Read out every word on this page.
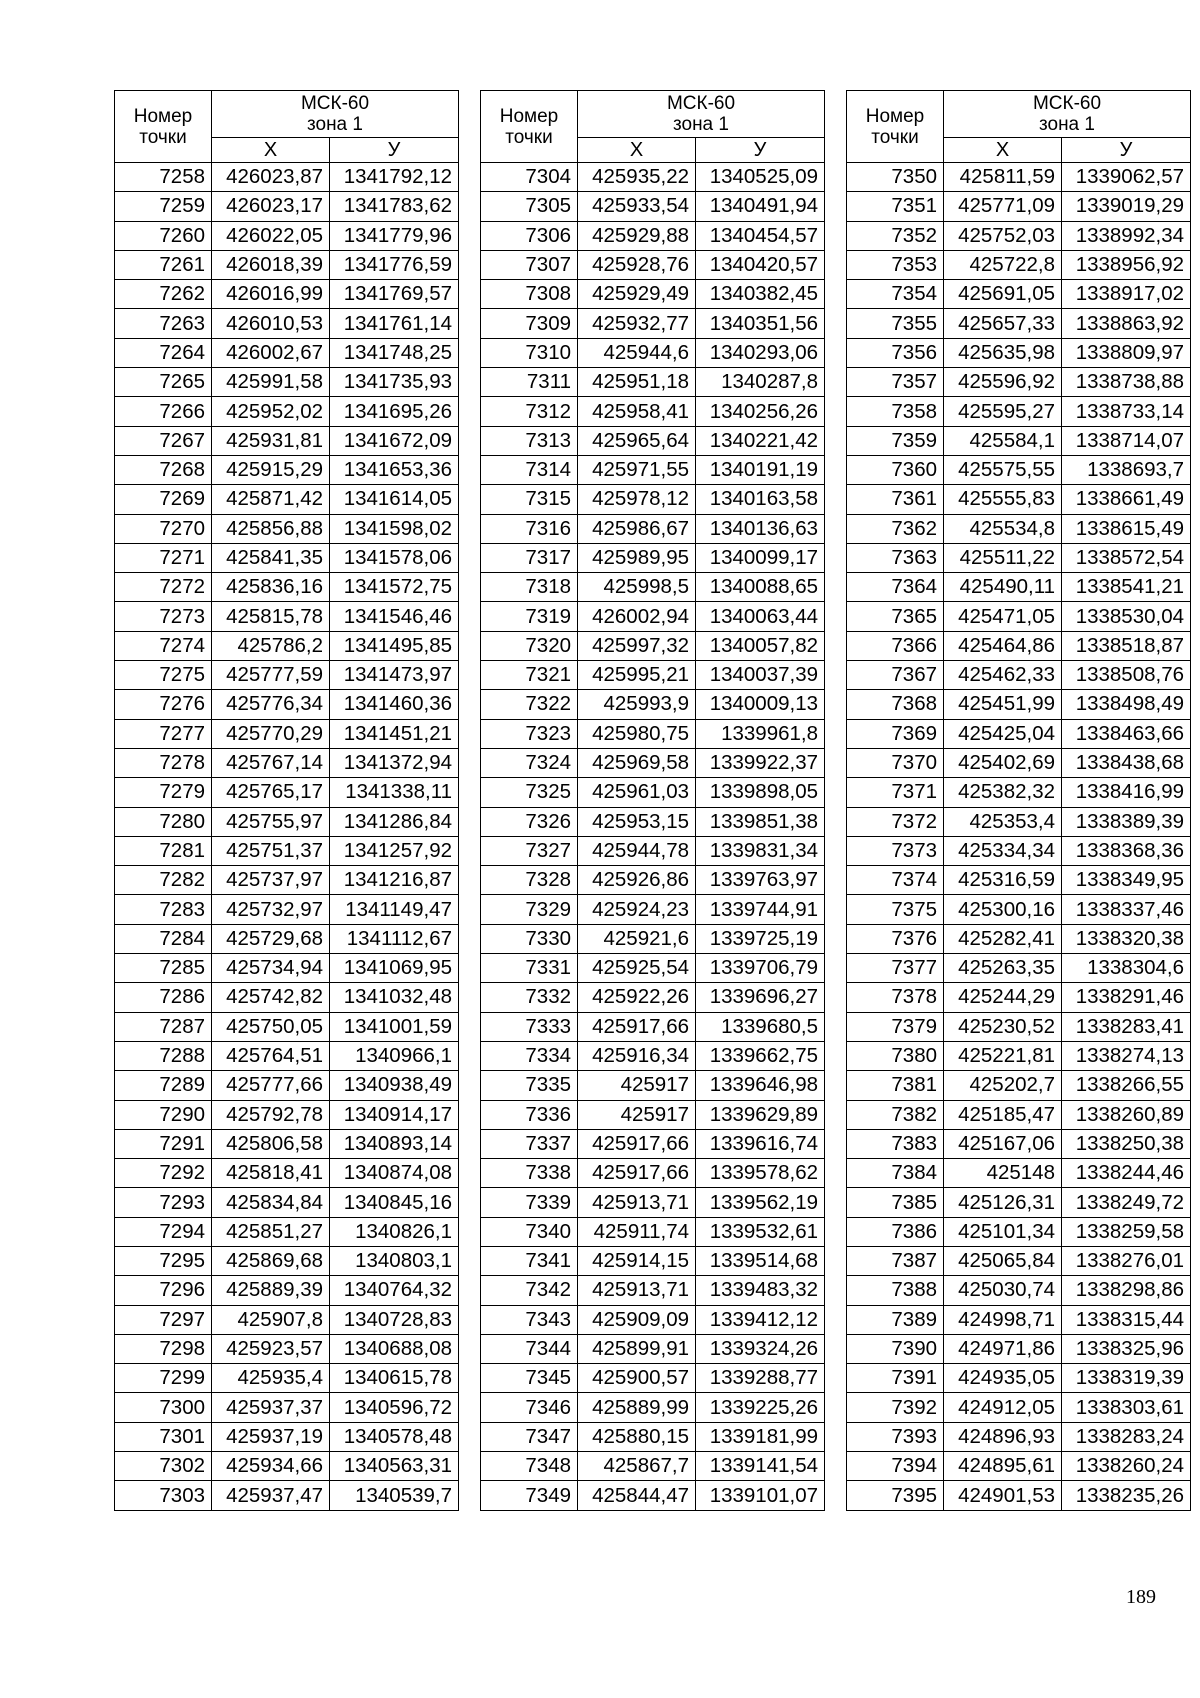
Номер
точки	МСК-60
зона 1	

	Х	У
7258	426023,87	1341792,12
7259	426023,17	1341783,62
7260	426022,05	1341779,96
7261	426018,39	1341776,59
7262	426016,99	1341769,57
7263	426010,53	1341761,14
7264	426002,67	1341748,25
7265	425991,58	1341735,93
7266	425952,02	1341695,26
7267	425931,81	1341672,09
7268	425915,29	1341653,36
7269	425871,42	1341614,05
7270	425856,88	1341598,02
7271	425841,35	1341578,06
7272	425836,16	1341572,75
7273	425815,78	1341546,46
7274	425786,2	1341495,85
7275	425777,59	1341473,97
7276	425776,34	1341460,36
7277	425770,29	1341451,21
7278	425767,14	1341372,94
7279	425765,17	1341338,11
7280	425755,97	1341286,84
7281	425751,37	1341257,92
7282	425737,97	1341216,87
7283	425732,97	1341149,47
7284	425729,68	1341112,67
7285	425734,94	1341069,95
7286	425742,82	1341032,48
7287	425750,05	1341001,59
7288	425764,51	1340966,1
7289	425777,66	1340938,49
7290	425792,78	1340914,17
7291	425806,58	1340893,14
7292	425818,41	1340874,08
7293	425834,84	1340845,16
7294	425851,27	1340826,1
7295	425869,68	1340803,1
7296	425889,39	1340764,32
7297	425907,8	1340728,83
7298	425923,57	1340688,08
7299	425935,4	1340615,78
7300	425937,37	1340596,72
7301	425937,19	1340578,48
7302	425934,66	1340563,31
7303	425937,47	1340539,7
Номер
точки	МСК-60
зона 1	

	Х	У
7304	425935,22	1340525,09
7305	425933,54	1340491,94
7306	425929,88	1340454,57
7307	425928,76	1340420,57
7308	425929,49	1340382,45
7309	425932,77	1340351,56
7310	425944,6	1340293,06
7311	425951,18	1340287,8
7312	425958,41	1340256,26
7313	425965,64	1340221,42
7314	425971,55	1340191,19
7315	425978,12	1340163,58
7316	425986,67	1340136,63
7317	425989,95	1340099,17
7318	425998,5	1340088,65
7319	426002,94	1340063,44
7320	425997,32	1340057,82
7321	425995,21	1340037,39
7322	425993,9	1340009,13
7323	425980,75	1339961,8
7324	425969,58	1339922,37
7325	425961,03	1339898,05
7326	425953,15	1339851,38
7327	425944,78	1339831,34
7328	425926,86	1339763,97
7329	425924,23	1339744,91
7330	425921,6	1339725,19
7331	425925,54	1339706,79
7332	425922,26	1339696,27
7333	425917,66	1339680,5
7334	425916,34	1339662,75
7335	425917	1339646,98
7336	425917	1339629,89
7337	425917,66	1339616,74
7338	425917,66	1339578,62
7339	425913,71	1339562,19
7340	425911,74	1339532,61
7341	425914,15	1339514,68
7342	425913,71	1339483,32
7343	425909,09	1339412,12
7344	425899,91	1339324,26
7345	425900,57	1339288,77
7346	425889,99	1339225,26
7347	425880,15	1339181,99
7348	425867,7	1339141,54
7349	425844,47	1339101,07
Номер
точки	МСК-60
зона 1	

	Х	У
7350	425811,59	1339062,57
7351	425771,09	1339019,29
7352	425752,03	1338992,34
7353	425722,8	1338956,92
7354	425691,05	1338917,02
7355	425657,33	1338863,92
7356	425635,98	1338809,97
7357	425596,92	1338738,88
7358	425595,27	1338733,14
7359	425584,1	1338714,07
7360	425575,55	1338693,7
7361	425555,83	1338661,49
7362	425534,8	1338615,49
7363	425511,22	1338572,54
7364	425490,11	1338541,21
7365	425471,05	1338530,04
7366	425464,86	1338518,87
7367	425462,33	1338508,76
7368	425451,99	1338498,49
7369	425425,04	1338463,66
7370	425402,69	1338438,68
7371	425382,32	1338416,99
7372	425353,4	1338389,39
7373	425334,34	1338368,36
7374	425316,59	1338349,95
7375	425300,16	1338337,46
7376	425282,41	1338320,38
7377	425263,35	1338304,6
7378	425244,29	1338291,46
7379	425230,52	1338283,41
7380	425221,81	1338274,13
7381	425202,7	1338266,55
7382	425185,47	1338260,89
7383	425167,06	1338250,38
7384	425148	1338244,46
7385	425126,31	1338249,72
7386	425101,34	1338259,58
7387	425065,84	1338276,01
7388	425030,74	1338298,86
7389	424998,71	1338315,44
7390	424971,86	1338325,96
7391	424935,05	1338319,39
7392	424912,05	1338303,61
7393	424896,93	1338283,24
7394	424895,61	1338260,24
7395	424901,53	1338235,26
189
